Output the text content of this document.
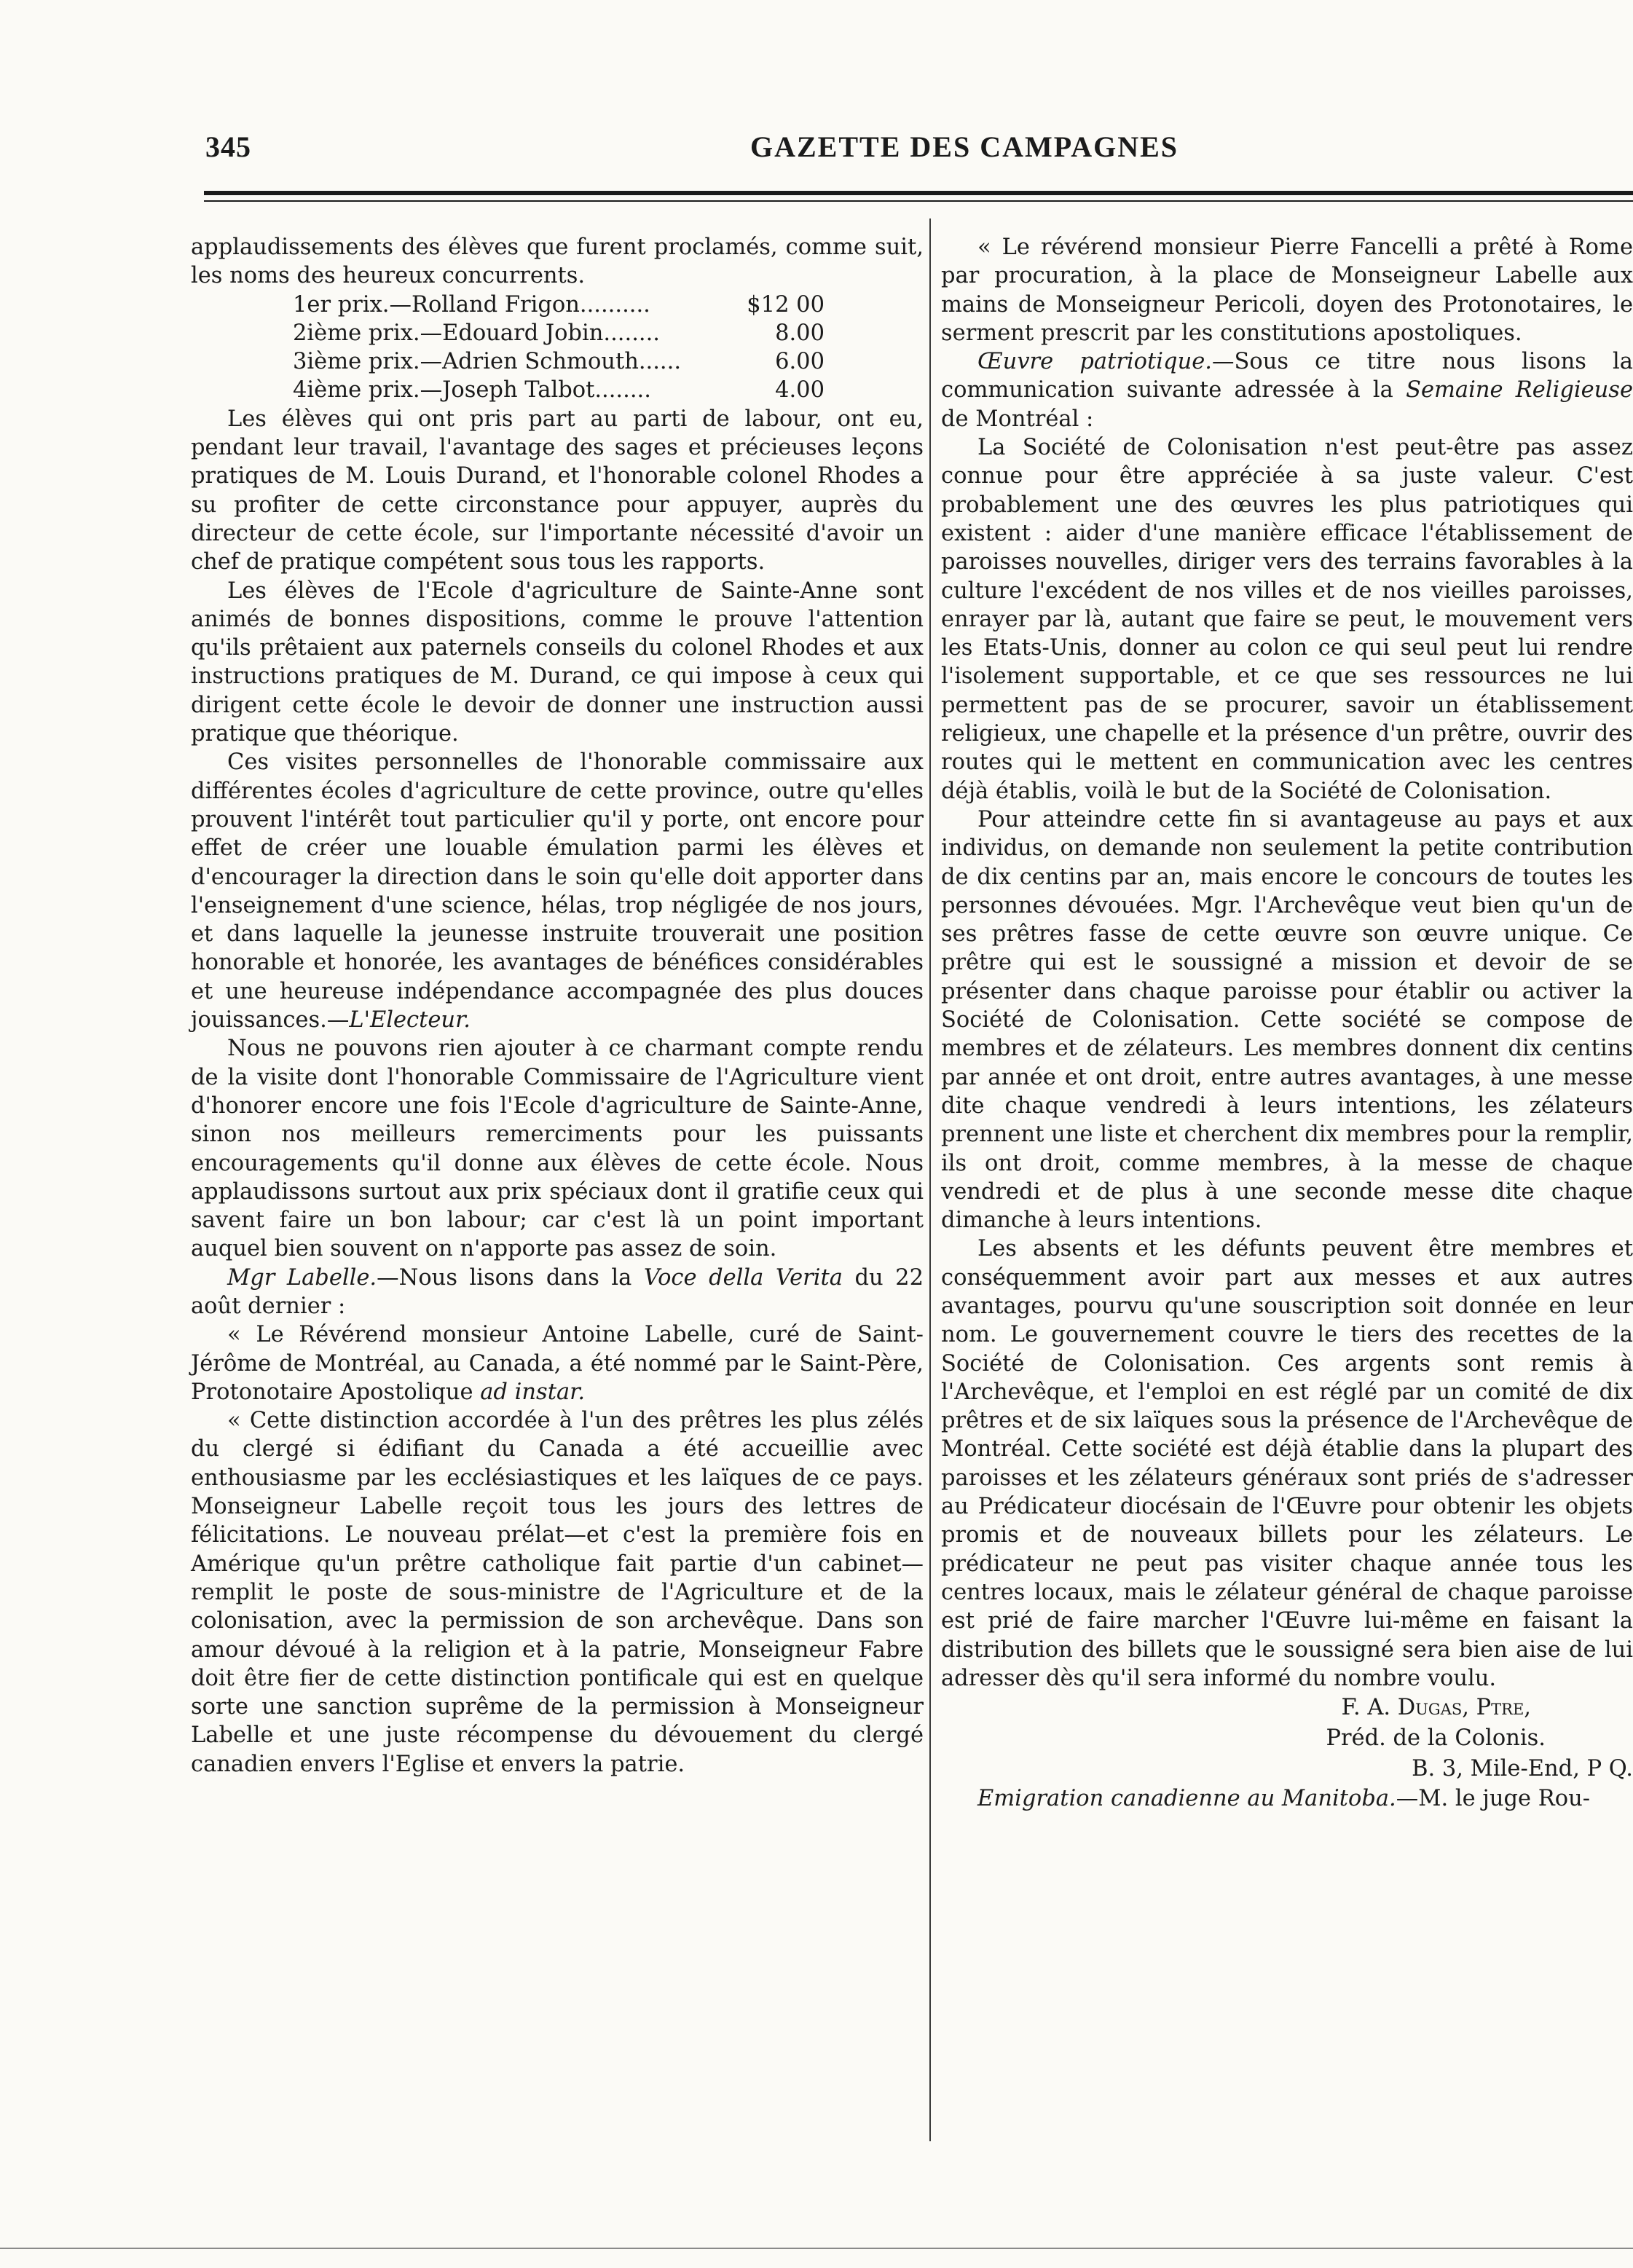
345	GAZETTE DES CAMPAGNES

applaudissements des élèves que furent proclamés, comme suit, les noms des heureux concurrents.

1er prix.—Rolland Frigon..........	$12 00
2ième prix.—Edouard Jobin........	8.00
3ième prix.—Adrien Schmouth......	6.00
4ième prix.—Joseph Talbot........	4.00

Les élèves qui ont pris part au parti de labour, ont eu, pendant leur travail, l'avantage des sages et précieuses leçons pratiques de M. Louis Durand, et l'honorable colonel Rhodes a su profiter de cette circonstance pour appuyer, auprès du directeur de cette école, sur l'importante nécessité d'avoir un chef de pratique compétent sous tous les rapports.

Les élèves de l'Ecole d'agriculture de Sainte-Anne sont animés de bonnes dispositions, comme le prouve l'attention qu'ils prêtaient aux paternels conseils du colonel Rhodes et aux instructions pratiques de M. Durand, ce qui impose à ceux qui dirigent cette école le devoir de donner une instruction aussi pratique que théorique.

Ces visites personnelles de l'honorable commissaire aux différentes écoles d'agriculture de cette province, outre qu'elles prouvent l'intérêt tout particulier qu'il y porte, ont encore pour effet de créer une louable émulation parmi les élèves et d'encourager la direction dans le soin qu'elle doit apporter dans l'enseignement d'une science, hélas, trop négligée de nos jours, et dans laquelle la jeunesse instruite trouverait une position honorable et honorée, les avantages de bénéfices considérables et une heureuse indépendance accompagnée des plus douces jouissances.—L'Electeur.

Nous ne pouvons rien ajouter à ce charmant compte rendu de la visite dont l'honorable Commissaire de l'Agriculture vient d'honorer encore une fois l'Ecole d'agriculture de Sainte-Anne, sinon nos meilleurs remerciments pour les puissants encouragements qu'il donne aux élèves de cette école. Nous applaudissons surtout aux prix spéciaux dont il gratifie ceux qui savent faire un bon labour; car c'est là un point important auquel bien souvent on n'apporte pas assez de soin.

Mgr Labelle.—Nous lisons dans la Voce della Verita du 22 août dernier :

« Le Révérend monsieur Antoine Labelle, curé de Saint-Jérôme de Montréal, au Canada, a été nommé par le Saint-Père, Protonotaire Apostolique ad instar.

« Cette distinction accordée à l'un des prêtres les plus zélés du clergé si édifiant du Canada a été accueillie avec enthousiasme par les ecclésiastiques et les laïques de ce pays. Monseigneur Labelle reçoit tous les jours des lettres de félicitations. Le nouveau prélat—et c'est la première fois en Amérique qu'un prêtre catholique fait partie d'un cabinet—remplit le poste de sous-ministre de l'Agriculture et de la colonisation, avec la permission de son archevêque. Dans son amour dévoué à la religion et à la patrie, Monseigneur Fabre doit être fier de cette distinction pontificale qui est en quelque sorte une sanction suprême de la permission à Monseigneur Labelle et une juste récompense du dévouement du clergé canadien envers l'Eglise et envers la patrie.

« Le révérend monsieur Pierre Fancelli a prêté à Rome par procuration, à la place de Monseigneur Labelle aux mains de Monseigneur Pericoli, doyen des Protonotaires, le serment prescrit par les constitutions apostoliques.

Œuvre patriotique.—Sous ce titre nous lisons la communication suivante adressée à la Semaine Religieuse de Montréal :

La Société de Colonisation n'est peut-être pas assez connue pour être appréciée à sa juste valeur. C'est probablement une des œuvres les plus patriotiques qui existent : aider d'une manière efficace l'établissement de paroisses nouvelles, diriger vers des terrains favorables à la culture l'excédent de nos villes et de nos vieilles paroisses, enrayer par là, autant que faire se peut, le mouvement vers les Etats-Unis, donner au colon ce qui seul peut lui rendre l'isolement supportable, et ce que ses ressources ne lui permettent pas de se procurer, savoir un établissement religieux, une chapelle et la présence d'un prêtre, ouvrir des routes qui le mettent en communication avec les centres déjà établis, voilà le but de la Société de Colonisation.

Pour atteindre cette fin si avantageuse au pays et aux individus, on demande non seulement la petite contribution de dix centins par an, mais encore le concours de toutes les personnes dévouées. Mgr. l'Archevêque veut bien qu'un de ses prêtres fasse de cette œuvre son œuvre unique. Ce prêtre qui est le soussigné a mission et devoir de se présenter dans chaque paroisse pour établir ou activer la Société de Colonisation. Cette société se compose de membres et de zélateurs. Les membres donnent dix centins par année et ont droit, entre autres avantages, à une messe dite chaque vendredi à leurs intentions, les zélateurs prennent une liste et cherchent dix membres pour la remplir, ils ont droit, comme membres, à la messe de chaque vendredi et de plus à une seconde messe dite chaque dimanche à leurs intentions.

Les absents et les défunts peuvent être membres et conséquemment avoir part aux messes et aux autres avantages, pourvu qu'une souscription soit donnée en leur nom. Le gouvernement couvre le tiers des recettes de la Société de Colonisation. Ces argents sont remis à l'Archevêque, et l'emploi en est réglé par un comité de dix prêtres et de six laïques sous la présence de l'Archevêque de Montréal. Cette société est déjà établie dans la plupart des paroisses et les zélateurs généraux sont priés de s'adresser au Prédicateur diocésain de l'Œuvre pour obtenir les objets promis et de nouveaux billets pour les zélateurs. Le prédicateur ne peut pas visiter chaque année tous les centres locaux, mais le zélateur général de chaque paroisse est prié de faire marcher l'Œuvre lui-même en faisant la distribution des billets que le soussigné sera bien aise de lui adresser dès qu'il sera informé du nombre voulu.

F. A. Dugas, Ptre,

Préd. de la Colonis.

B. 3, Mile-End, P Q.

Emigration canadienne au Manitoba.—M. le juge Rou-
